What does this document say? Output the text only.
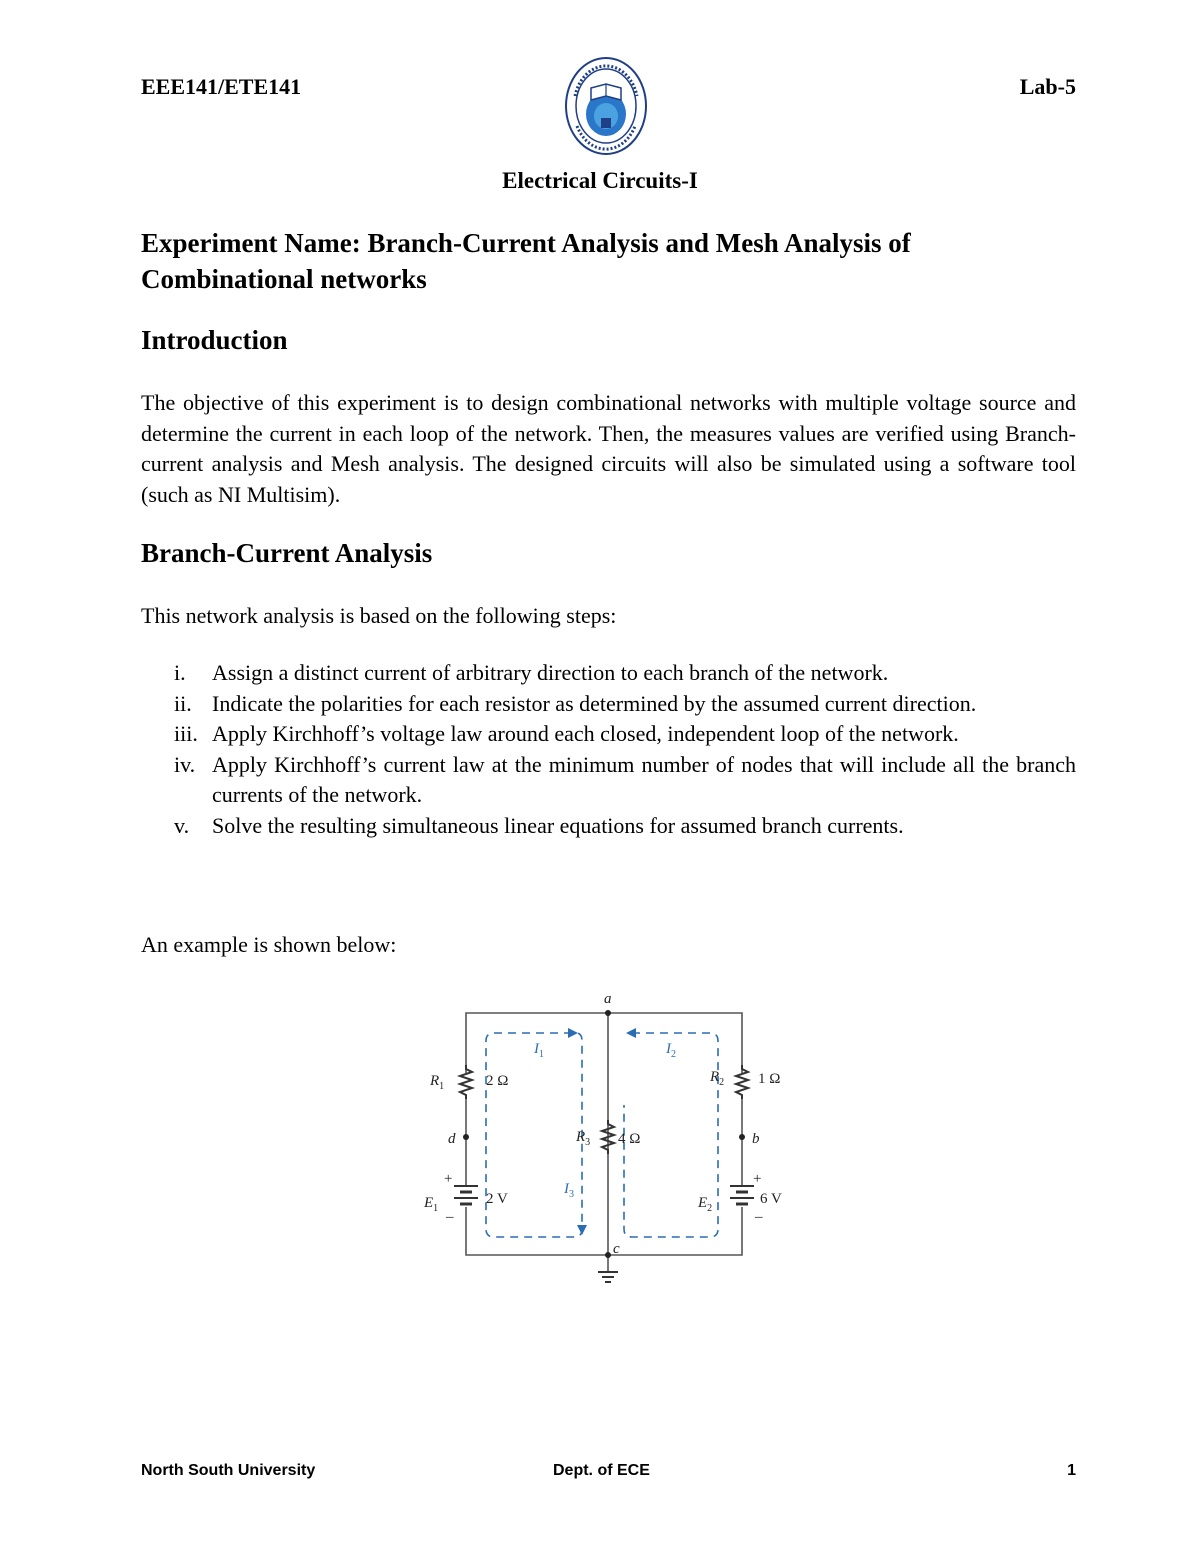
EEE141/ETE141	Lab-5
Electrical Circuits-I
Experiment Name: Branch-Current Analysis and Mesh Analysis of Combinational networks
Introduction
The objective of this experiment is to design combinational networks with multiple voltage source and determine the current in each loop of the network. Then, the measures values are verified using Branch-current analysis and Mesh analysis. The designed circuits will also be simulated using a software tool (such as NI Multisim).
Branch-Current Analysis
This network analysis is based on the following steps:
i.	Assign a distinct current of arbitrary direction to each branch of the network.
ii. Indicate the polarities for each resistor as determined by the assumed current direction.
iii. Apply Kirchhoff’s voltage law around each closed, independent loop of the network.
iv. Apply Kirchhoff’s current law at the minimum number of nodes that will include all the branch currents of the network.
v.	Solve the resulting simultaneous linear equations for assumed branch currents.
An example is shown below:
a
b
c
d
$R_1$	2 Ω	$R_2$ 1 Ω
$R_3$ 4 Ω
$E_1$
2 V
+
–
$E_2$
6 V
+
–
$I_1$	$I_2$
$I_3$
North South University	Dept. of ECE	1
